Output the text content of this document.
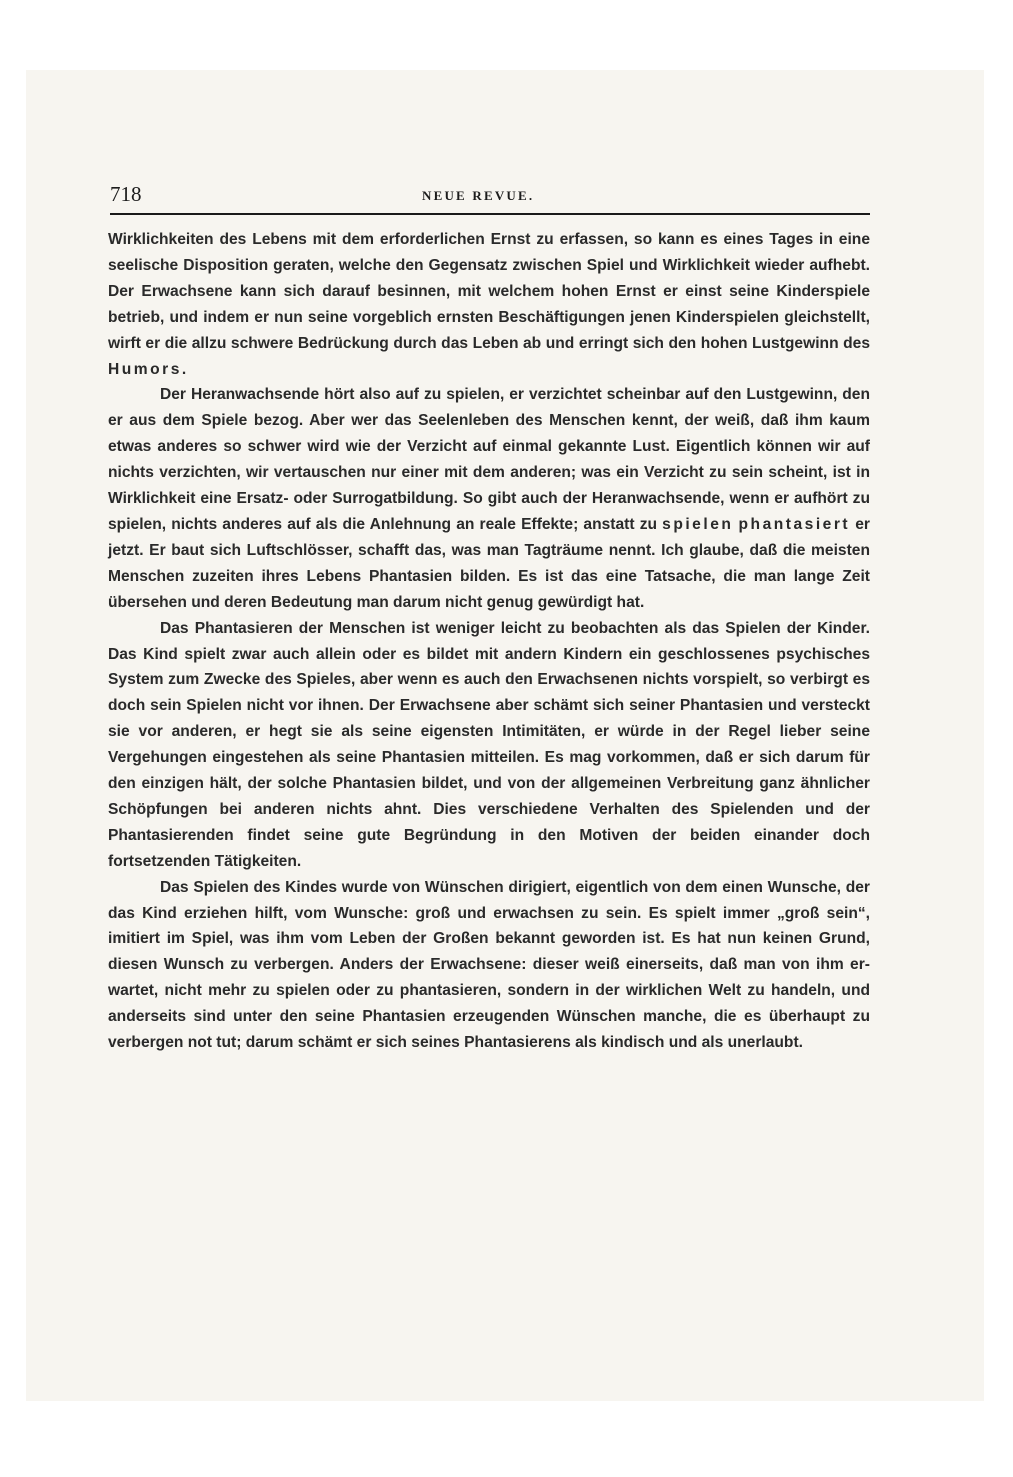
718	NEUE REVUE.

Wirklichkeiten des Lebens mit dem erforderlichen Ernst zu erfassen, so kann es eines Tages in eine seelische Disposition geraten, welche den Gegensatz zwischen Spiel und Wirklichkeit wieder aufhebt. Der Erwachsene kann sich darauf besinnen, mit welchem hohen Ernst er einst seine Kinderspiele betrieb, und indem er nun seine vorgeblich ernsten Beschäftigungen jenen Kinderspielen gleichstellt, wirft er die allzu schwere Bedrückung durch das Leben ab und erringt sich den hohen Lustgewinn des Humors.

Der Heranwachsende hört also auf zu spielen, er verzichtet scheinbar auf den Lustgewinn, den er aus dem Spiele bezog. Aber wer das Seelenleben des Menschen kennt, der weiß, daß ihm kaum etwas anderes so schwer wird wie der Verzicht auf einmal gekannte Lust. Eigentlich können wir auf nichts verzichten, wir vertauschen nur einer mit dem anderen; was ein Verzicht zu sein scheint, ist in Wirklichkeit eine Ersatz- oder Surrogatbildung. So gibt auch der Heranwachsende, wenn er aufhört zu spielen, nichts anderes auf als die Anlehnung an reale Effekte; anstatt zu spielen phantasiert er jetzt. Er baut sich Luftschlösser, schafft das, was man Tagträume nennt. Ich glaube, daß die meisten Menschen zuzeiten ihres Lebens Phantasien bilden. Es ist das eine Tatsache, die man lange Zeit übersehen und deren Bedeutung man darum nicht genug gewürdigt hat.

Das Phantasieren der Menschen ist weniger leicht zu beobachten als das Spielen der Kinder. Das Kind spielt zwar auch allein oder es bildet mit andern Kindern ein geschlossenes psychisches System zum Zwecke des Spieles, aber wenn es auch den Erwachsenen nichts vorspielt, so verbirgt es doch sein Spielen nicht vor ihnen. Der Erwachsene aber schämt sich seiner Phantasien und versteckt sie vor anderen, er hegt sie als seine eigensten Intimitäten, er würde in der Regel lieber seine Vergehungen eingestehen als seine Phantasien mitteilen. Es mag vorkommen, daß er sich darum für den einzigen hält, der solche Phantasien bildet, und von der allgemeinen Verbreitung ganz ähnlicher Schöpfungen bei anderen nichts ahnt. Dies verschiedene Verhalten des Spielenden und der Phantasierenden findet seine gute Begründung in den Motiven der beiden einander doch fortsetzenden Tätigkeiten.

Das Spielen des Kindes wurde von Wünschen dirigiert, eigentlich von dem einen Wunsche, der das Kind erziehen hilft, vom Wunsche: groß und erwachsen zu sein. Es spielt immer „groß sein“, imitiert im Spiel, was ihm vom Leben der Großen bekannt geworden ist. Es hat nun keinen Grund, diesen Wunsch zu verbergen. Anders der Erwachsene: dieser weiß einerseits, daß man von ihm erwartet, nicht mehr zu spielen oder zu phantasieren, sondern in der wirklichen Welt zu handeln, und anderseits sind unter den seine Phantasien erzeugenden Wünschen manche, die es überhaupt zu verbergen not tut; darum schämt er sich seines Phantasierens als kindisch und als unerlaubt.
